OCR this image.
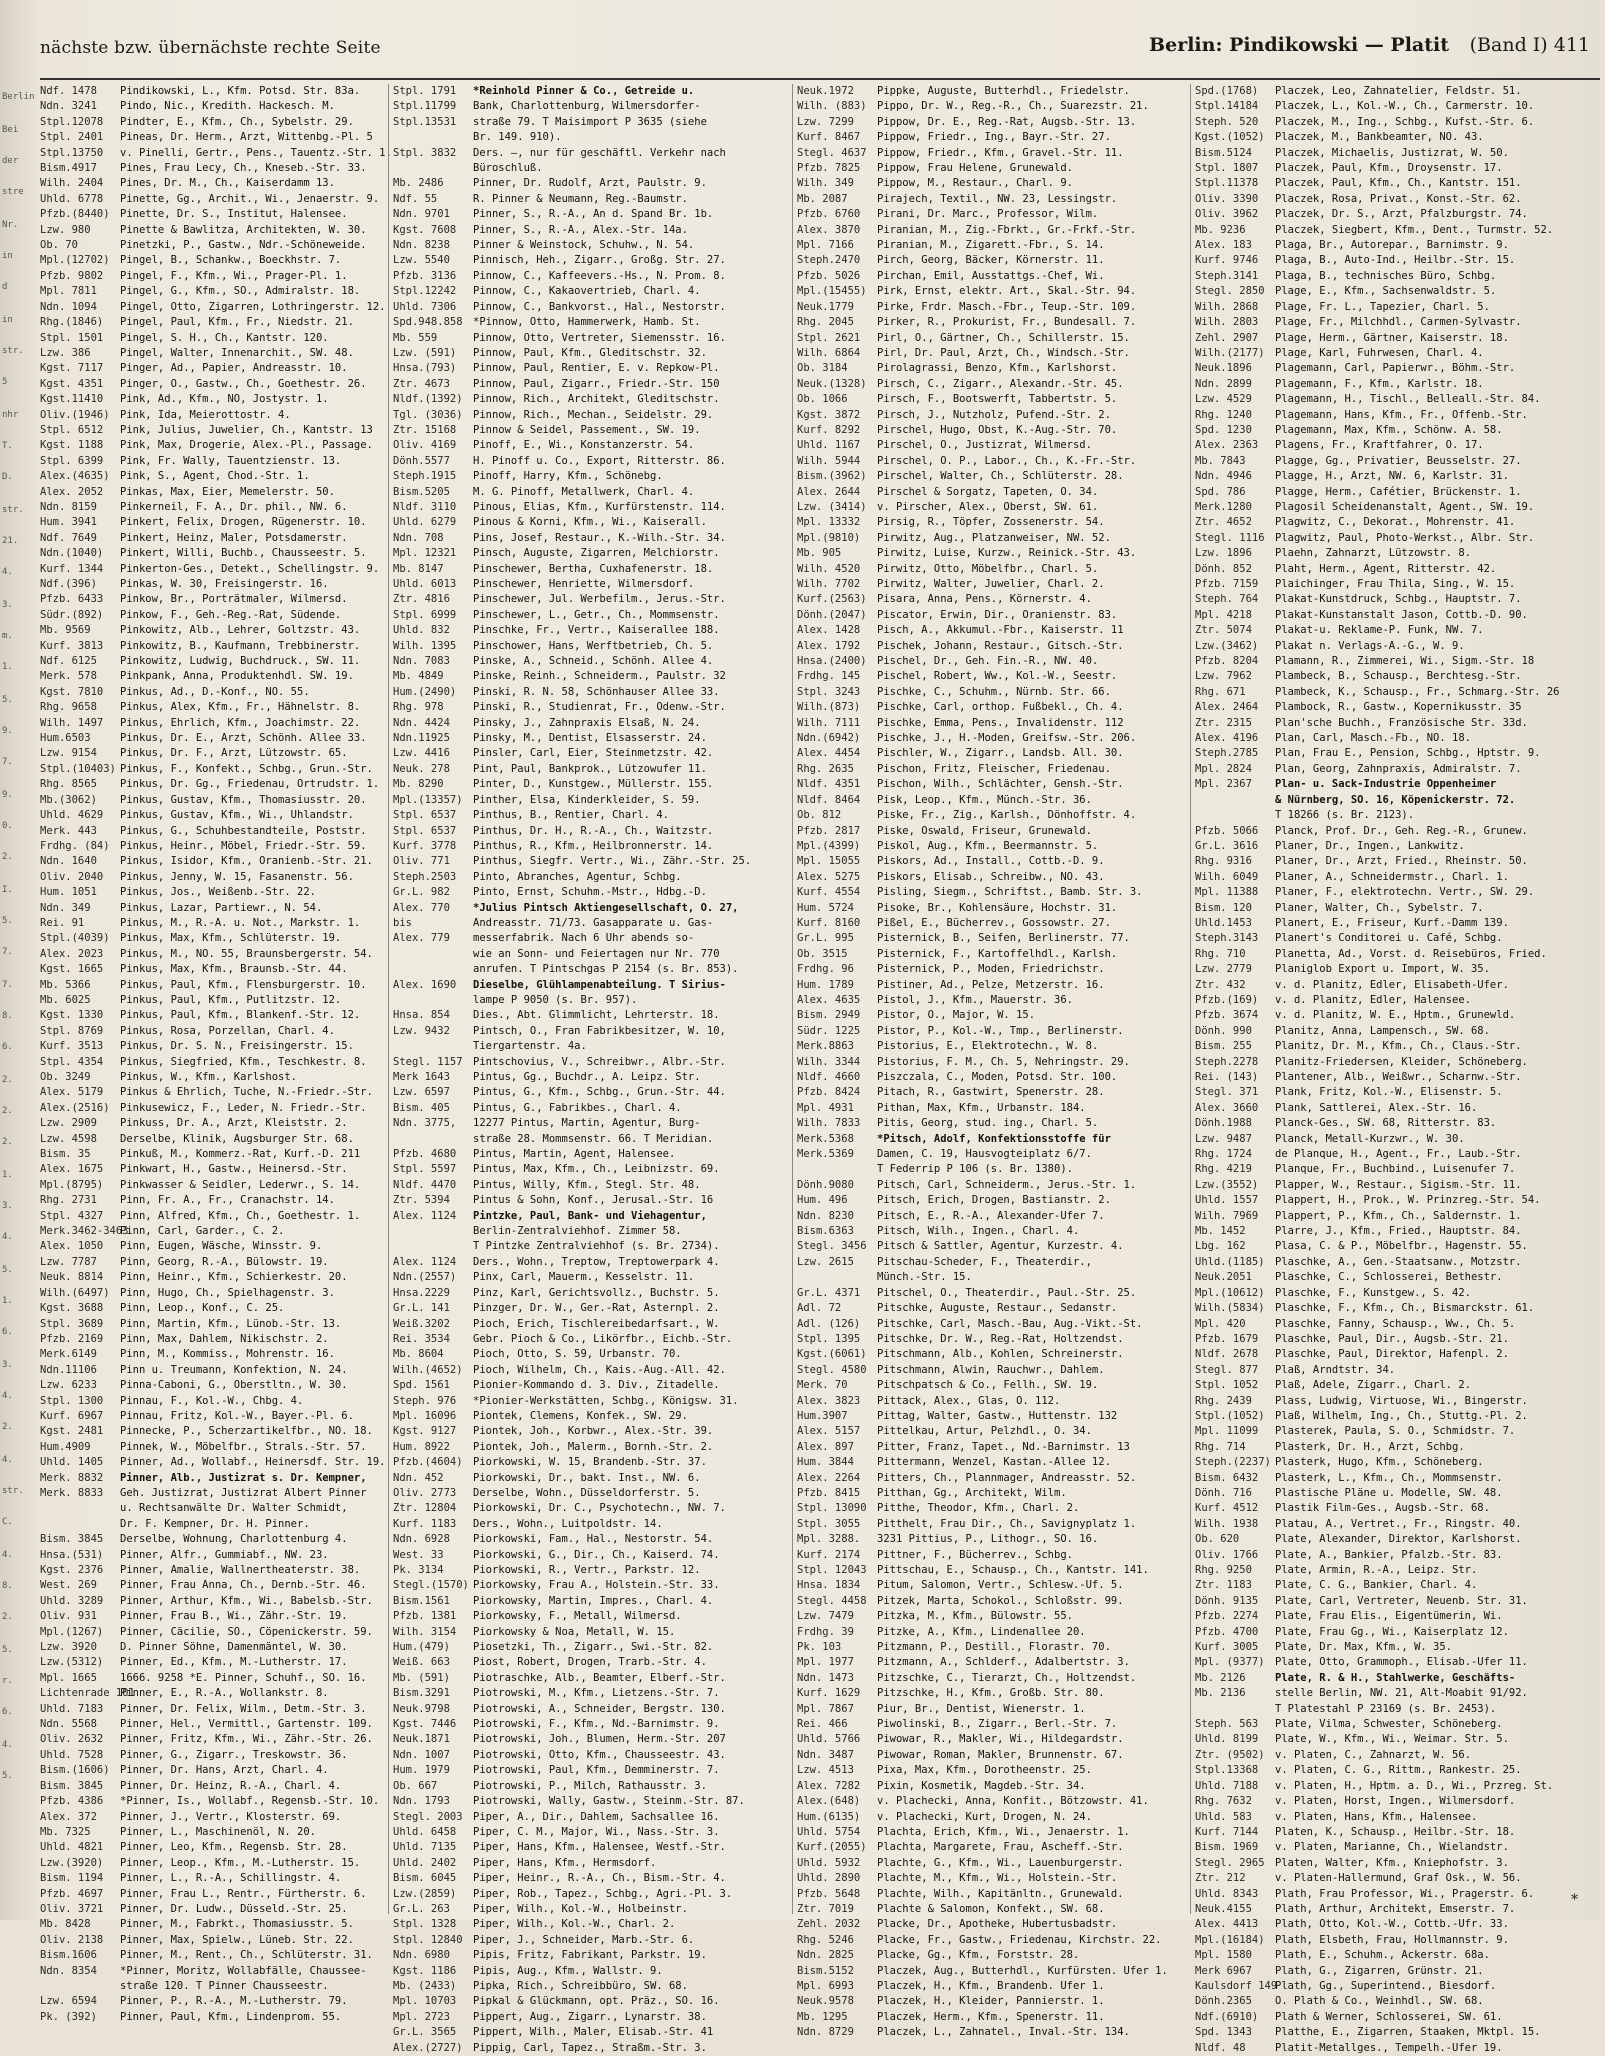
nächste bzw. übernächste rechte Seite	Berlin: Pindikowski — Platit (Band I) 411
Berlin
Bei
der
stre
Nr.
in
d
in
str.
5
nhr
T.
D.
str.
21.
4.
3.
m.
1.
5.
9.
7.
9.
0.
2.
I.
5.
7.
7.
8.
6.
2.
2.
2.
1.
3.
4.
5.
1.
6.
3.
4.
2.
4.
str.
C.
4.
8.
2.
5.
r.
6.
4.
5.
Ndf. 1478 Pindikowski, L., Kfm. Potsd. Str. 83a.
Ndn. 3241 Pindo, Nic., Kredith. Hackesch. M.
Stpl.12078 Pindter, E., Kfm., Ch., Sybelstr. 29.
Stpl. 2401 Pineas, Dr. Herm., Arzt, Wittenbg.-Pl. 5
Stpl.13750 v. Pinelli, Gertr., Pens., Tauentz.-Str. 1.
Bism.4917 Pines, Frau Lecy, Ch., Kneseb.-Str. 33.
Wilh. 2404 Pines, Dr. M., Ch., Kaiserdamm 13.
Uhld. 6778 Pinette, Gg., Archit., Wi., Jenaerstr. 9.
Pfzb.(8440) Pinette, Dr. S., Institut, Halensee.
Lzw. 980	Pinette & Bawlitza, Architekten, W. 30.
Ob. 70	Pinetzki, P., Gastw., Ndr.-Schöneweide.
Mpl.(12702) Pingel, B., Schankw., Boeckhstr. 7.
Pfzb. 9802 Pingel, F., Kfm., Wi., Prager-Pl. 1.
Mpl. 7811 Pingel, G., Kfm., SO., Admiralstr. 18.
Ndn. 1094 Pingel, Otto, Zigarren, Lothringerstr. 12.
Rhg.(1846) Pingel, Paul, Kfm., Fr., Niedstr. 21.
Stpl. 1501 Pingel, S. H., Ch., Kantstr. 120.
Lzw. 386	Pingel, Walter, Innenarchit., SW. 48.
Kgst. 7117 Pinger, Ad., Papier, Andreasstr. 10.
Kgst. 4351 Pinger, O., Gastw., Ch., Goethestr. 26.
Kgst.11410 Pink, Ad., Kfm., NO, Jostystr. 1.
Oliv.(1946) Pink, Ida, Meierottostr. 4.
Stpl. 6512 Pink, Julius, Juwelier, Ch., Kantstr. 13
Kgst. 1188 Pink, Max, Drogerie, Alex.-Pl., Passage.
Stpl. 6399 Pink, Fr. Wally, Tauentzienstr. 13.
Alex.(4635) Pink, S., Agent, Chod.-Str. 1.
Alex. 2052 Pinkas, Max, Eier, Memelerstr. 50.
Ndn. 8159 Pinkerneil, F. A., Dr. phil., NW. 6.
Hum. 3941 Pinkert, Felix, Drogen, Rügenerstr. 10.
Ndf. 7649 Pinkert, Heinz, Maler, Potsdamerstr.
Ndn.(1040) Pinkert, Willi, Buchb., Chausseestr. 5.
Kurf. 1344 Pinkerton-Ges., Detekt., Schellingstr. 9.
Ndf.(396) Pinkas, W. 30, Freisingerstr. 16.
Pfzb. 6433 Pinkow, Br., Porträtmaler, Wilmersd.
Südr.(892) Pinkow, F., Geh.-Reg.-Rat, Südende.
Mb. 9569	Pinkowitz, Alb., Lehrer, Goltzstr. 43.
Kurf. 3813 Pinkowitz, B., Kaufmann, Trebbinerstr.
Ndf. 6125 Pinkowitz, Ludwig, Buchdruck., SW. 11.
Merk. 578 Pinkpank, Anna, Produktenhdl. SW. 19.
Kgst. 7810 Pinkus, Ad., D.-Konf., NO. 55.
Rhg. 9658 Pinkus, Alex, Kfm., Fr., Hähnelstr. 8.
Wilh. 1497 Pinkus, Ehrlich, Kfm., Joachimstr. 22.
Hum.6503	Pinkus, Dr. E., Arzt, Schönh. Allee 33.
Lzw. 9154 Pinkus, Dr. F., Arzt, Lützowstr. 65.
Stpl.(10403) Pinkus, F., Konfekt., Schbg., Grun.-Str.
Rhg. 8565 Pinkus, Dr. Gg., Friedenau, Ortrudstr. 1.
Mb.(3062) Pinkus, Gustav, Kfm., Thomasiusstr. 20.
Uhld. 4629 Pinkus, Gustav, Kfm., Wi., Uhlandstr.
Merk. 443 Pinkus, G., Schuhbestandteile, Poststr.
Frdhg. (84) Pinkus, Heinr., Möbel, Friedr.-Str. 59.
Ndn. 1640 Pinkus, Isidor, Kfm., Oranienb.-Str. 21.
Oliv. 2040 Pinkus, Jenny, W. 15, Fasanenstr. 56.
Hum. 1051 Pinkus, Jos., Weißenb.-Str. 22.
Ndn. 349	Pinkus, Lazar, Partiewr., N. 54.
Rei. 91	Pinkus, M., R.-A. u. Not., Markstr. 1.
Stpl.(4039) Pinkus, Max, Kfm., Schlüterstr. 19.
Alex. 2023 Pinkus, M., NO. 55, Braunsbergerstr. 54.
Kgst. 1665 Pinkus, Max, Kfm., Braunsb.-Str. 44.
Mb. 5366	Pinkus, Paul, Kfm., Flensburgerstr. 10.
Mb. 6025	Pinkus, Paul, Kfm., Putlitzstr. 12.
Kgst. 1330 Pinkus, Paul, Kfm., Blankenf.-Str. 12.
Stpl. 8769 Pinkus, Rosa, Porzellan, Charl. 4.
Kurf. 3513 Pinkus, Dr. S. N., Freisingerstr. 15.
Stpl. 4354 Pinkus, Siegfried, Kfm., Teschkestr. 8.
Ob. 3249	Pinkus, W., Kfm., Karlshost.
Alex. 5179 Pinkus & Ehrlich, Tuche, N.-Friedr.-Str.
Alex.(2516) Pinkusewicz, F., Leder, N. Friedr.-Str.
Lzw. 2909 Pinkuss, Dr. A., Arzt, Kleiststr. 2.
Lzw. 4598 Derselbe, Klinik, Augsburger Str. 68.
Bism. 35	Pinkuß, M., Kommerz.-Rat, Kurf.-D. 211
Alex. 1675 Pinkwart, H., Gastw., Heinersd.-Str.
Mpl.(8795) Pinkwasser & Seidler, Lederwr., S. 14.
Rhg. 2731 Pinn, Fr. A., Fr., Cranachstr. 14.
Stpl. 4327 Pinn, Alfred, Kfm., Ch., Goethestr. 1.
Merk.3462-3463Pinn, Carl, Garder., C. 2.
Alex. 1050 Pinn, Eugen, Wäsche, Winsstr. 9.
Lzw. 7787 Pinn, Georg, R.-A., Bülowstr. 19.
Neuk. 8814 Pinn, Heinr., Kfm., Schierkestr. 20.
Wilh.(6497) Pinn, Hugo, Ch., Spielhagenstr. 3.
Kgst. 3688 Pinn, Leop., Konf., C. 25.
Stpl. 3689 Pinn, Martin, Kfm., Lünob.-Str. 13.
Pfzb. 2169 Pinn, Max, Dahlem, Nikischstr. 2.
Merk.6149 Pinn, M., Kommiss., Mohrenstr. 16.
Ndn.11106 Pinn u. Treumann, Konfektion, N. 24.
Lzw. 6233 Pinna-Caboni, G., Oberstltn., W. 30.
Stpl. 1300 Pinnau, F., Kol.-W., Chbg. 4.
Kurf. 6967 Pinnau, Fritz, Kol.-W., Bayer.-Pl. 6.
Kgst. 2481 Pinnecke, P., Scherzartikelfbr., NO. 18.
Hum.4909	Pinnek, W., Möbelfbr., Strals.-Str. 57.
Uhld. 1405 Pinner, Ad., Wollabf., Heinersdf. Str. 19.
Merk. 8832 Pinner, Alb., Justizrat s. Dr. Kempner,
Merk. 8833 Geh. Justizrat, Justizrat Albert Pinner
u. Rechtsanwälte Dr. Walter Schmidt,
Dr. F. Kempner, Dr. H. Pinner.
Bism. 3845 Derselbe, Wohnung, Charlottenburg 4.
Hnsa.(531) Pinner, Alfr., Gummiabf., NW. 23.
Kgst. 2376 Pinner, Amalie, Wallnertheaterstr. 38.
West. 269 Pinner, Frau Anna, Ch., Dernb.-Str. 46.
Uhld. 3289 Pinner, Arthur, Kfm., Wi., Babelsb.-Str.
Oliv. 931 Pinner, Frau B., Wi., Zähr.-Str. 19.
Mpl.(1267) Pinner, Cäcilie, SO., Cöpenickerstr. 59.
Lzw. 3920 D. Pinner Söhne, Damenmäntel, W. 30.
Lzw.(5312) Pinner, Ed., Kfm., M.-Lutherstr. 17.
Mpl. 1665 1666. 9258 *E. Pinner, Schuhf., SO. 16.
Lichtenrade 101Pinner, E., R.-A., Wollankstr. 8.
Uhld. 7183 Pinner, Dr. Felix, Wilm., Detm.-Str. 3.
Ndn. 5568 Pinner, Hel., Vermittl., Gartenstr. 109.
Oliv. 2632 Pinner, Fritz, Kfm., Wi., Zähr.-Str. 26.
Uhld. 7528 Pinner, G., Zigarr., Treskowstr. 36.
Bism.(1606) Pinner, Dr. Hans, Arzt, Charl. 4.
Bism. 3845 Pinner, Dr. Heinz, R.-A., Charl. 4.
Pfzb. 4386 *Pinner, Is., Wollabf., Regensb.-Str. 10.
Alex. 372 Pinner, J., Vertr., Klosterstr. 69.
Mb. 7325	Pinner, L., Maschinenöl, N. 20.
Uhld. 4821 Pinner, Leo, Kfm., Regensb. Str. 28.
Lzw.(3920) Pinner, Leop., Kfm., M.-Lutherstr. 15.
Bism. 1194 Pinner, L., R.-A., Schillingstr. 4.
Pfzb. 4697 Pinner, Frau L., Rentr., Fürtherstr. 6.
Oliv. 3721 Pinner, Dr. Ludw., Düsseld.-Str. 25.
Mb. 8428	Pinner, M., Fabrkt., Thomasiusstr. 5.
Oliv. 2138 Pinner, Max, Spielw., Lüneb. Str. 22.
Bism.1606 Pinner, M., Rent., Ch., Schlüterstr. 31.
Ndn. 8354 *Pinner, Moritz, Wollabfälle, Chaussee-
straße 120. T Pinner Chausseestr.
Lzw. 6594 Pinner, P., R.-A., M.-Lutherstr. 79.
Pk. (392) Pinner, Paul, Kfm., Lindenprom. 55.
Stpl. 1791 *Reinhold Pinner & Co., Getreide u.
Stpl.11799 Bank, Charlottenburg, Wilmersdorfer-
Stpl.13531 straße 79. T Maisimport P 3635 (siehe
Br. 149. 910).
Stpl. 3832 Ders. —, nur für geschäftl. Verkehr nach
Büroschluß.
Mb. 2486	Pinner, Dr. Rudolf, Arzt, Paulstr. 9.
Ndf. 55	R. Pinner & Neumann, Reg.-Baumstr.
Ndn. 9701 Pinner, S., R.-A., An d. Spand Br. 1b.
Kgst. 7608 Pinner, S., R.-A., Alex.-Str. 14a.
Ndn. 8238 Pinner & Weinstock, Schuhw., N. 54.
Lzw. 5540 Pinnisch, Heh., Zigarr., Großg. Str. 27.
Pfzb. 3136 Pinnow, C., Kaffeevers.-Hs., N. Prom. 8.
Stpl.12242 Pinnow, C., Kakaovertrieb, Charl. 4.
Uhld. 7306 Pinnow, C., Bankvorst., Hal., Nestorstr.
Spd.948.858 *Pinnow, Otto, Hammerwerk, Hamb. St.
Mb. 559	Pinnow, Otto, Vertreter, Siemensstr. 16.
Lzw. (591) Pinnow, Paul, Kfm., Gleditschstr. 32.
Hnsa.(793) Pinnow, Paul, Rentier, E. v. Repkow-Pl.
Ztr. 4673 Pinnow, Paul, Zigarr., Friedr.-Str. 150
Nldf.(1392) Pinnow, Rich., Architekt, Gleditschstr.
Tgl. (3036) Pinnow, Rich., Mechan., Seidelstr. 29.
Ztr. 15168 Pinnow & Seidel, Passement., SW. 19.
Oliv. 4169 Pinoff, E., Wi., Konstanzerstr. 54.
Dönh.5577 H. Pinoff u. Co., Export, Ritterstr. 86.
Steph.1915 Pinoff, Harry, Kfm., Schönebg.
Bism.5205 M. G. Pinoff, Metallwerk, Charl. 4.
Nldf. 3110 Pinous, Elias, Kfm., Kurfürstenstr. 114.
Uhld. 6279 Pinous & Korni, Kfm., Wi., Kaiserall.
Ndn. 708	Pins, Josef, Restaur., K.-Wilh.-Str. 34.
Mpl. 12321 Pinsch, Auguste, Zigarren, Melchiorstr.
Mb. 8147	Pinschewer, Bertha, Cuxhafenerstr. 18.
Uhld. 6013 Pinschewer, Henriette, Wilmersdorf.
Ztr. 4816 Pinschewer, Jul. Werbefilm., Jerus.-Str.
Stpl. 6999 Pinschewer, L., Getr., Ch., Mommsenstr.
Uhld. 832 Pinschke, Fr., Vertr., Kaiserallee 188.
Wilh. 1395 Pinschower, Hans, Werftbetrieb, Ch. 5.
Ndn. 7083 Pinske, A., Schneid., Schönh. Allee 4.
Mb. 4849	Pinske, Reinh., Schneiderm., Paulstr. 32
Hum.(2490) Pinski, R. N. 58, Schönhauser Allee 33.
Rhg. 978	Pinski, R., Studienrat, Fr., Odenw.-Str.
Ndn. 4424 Pinsky, J., Zahnpraxis Elsaß, N. 24.
Ndn.11925 Pinsky, M., Dentist, Elsasserstr. 24.
Lzw. 4416 Pinsler, Carl, Eier, Steinmetzstr. 42.
Neuk. 278 Pint, Paul, Bankprok., Lützowufer 11.
Mb. 8290	Pinter, D., Kunstgew., Müllerstr. 155.
Mpl.(13357) Pinther, Elsa, Kinderkleider, S. 59.
Stpl. 6537 Pinthus, B., Rentier, Charl. 4.
Stpl. 6537 Pinthus, Dr. H., R.-A., Ch., Waitzstr.
Kurf. 3778 Pinthus, R., Kfm., Heilbronnerstr. 14.
Oliv. 771 Pinthus, Siegfr. Vertr., Wi., Zähr.-Str. 25.
Steph.2503 Pinto, Abranches, Agentur, Schbg.
Gr.L. 982 Pinto, Ernst, Schuhm.-Mstr., Hdbg.-D.
Alex. 770 *Julius Pintsch Aktiengesellschaft, O. 27,
bis	Andreasstr. 71/73. Gasapparate u. Gas-
Alex. 779 messerfabrik. Nach 6 Uhr abends so-
wie an Sonn- und Feiertagen nur Nr. 770
anrufen. T Pintschgas P 2154 (s. Br. 853).
Alex. 1690 Dieselbe, Glühlampenabteilung. T Sirius-
lampe P 9050 (s. Br. 957).
Hnsa. 854 Dies., Abt. Glimmlicht, Lehrterstr. 18.
Lzw. 9432 Pintsch, O., Fran Fabrikbesitzer, W. 10,
Tiergartenstr. 4a.
Stegl. 1157 Pintschovius, V., Schreibwr., Albr.-Str.
Merk 1643 Pintus, Gg., Buchdr., A. Leipz. Str.
Lzw. 6597 Pintus, G., Kfm., Schbg., Grun.-Str. 44.
Bism. 405 Pintus, G., Fabrikbes., Charl. 4.
Ndn. 3775, 12277 Pintus, Martin, Agentur, Burg-
straße 28. Mommsenstr. 66. T Meridian.
Pfzb. 4680 Pintus, Martin, Agent, Halensee.
Stpl. 5597 Pintus, Max, Kfm., Ch., Leibnizstr. 69.
Nldf. 4470 Pintus, Willy, Kfm., Stegl. Str. 48.
Ztr. 5394 Pintus & Sohn, Konf., Jerusal.-Str. 16
Alex. 1124 Pintzke, Paul, Bank- und Viehagentur,
Berlin-Zentralviehhof. Zimmer 58.
T Pintzke Zentralviehhof (s. Br. 2734).
Alex. 1124 Ders., Wohn., Treptow, Treptowerpark 4.
Ndn.(2557) Pinx, Carl, Mauerm., Kesselstr. 11.
Hnsa.2229 Pinz, Karl, Gerichtsvollz., Buchstr. 5.
Gr.L. 141 Pinzger, Dr. W., Ger.-Rat, Asternpl. 2.
Weiß.3202 Pioch, Erich, Tischlereibedarfsart., W.
Rei. 3534 Gebr. Pioch & Co., Likörfbr., Eichb.-Str.
Mb. 8604	Pioch, Otto, S. 59, Urbanstr. 70.
Wilh.(4652) Pioch, Wilhelm, Ch., Kais.-Aug.-All. 42.
Spd. 1561 Pionier-Kommando d. 3. Div., Zitadelle.
Steph. 976 *Pionier-Werkstätten, Schbg., Königsw. 31.
Mpl. 16096 Piontek, Clemens, Konfek., SW. 29.
Kgst. 9127 Piontek, Joh., Korbwr., Alex.-Str. 39.
Hum. 8922 Piontek, Joh., Malerm., Bornh.-Str. 2.
Pfzb.(4604) Piorkowski, W. 15, Brandenb.-Str. 37.
Ndn. 452	Piorkowski, Dr., bakt. Inst., NW. 6.
Oliv. 2773 Derselbe, Wohn., Düsseldorferstr. 5.
Ztr. 12804 Piorkowski, Dr. C., Psychotechn., NW. 7.
Kurf. 1183 Ders., Wohn., Luitpoldstr. 14.
Ndn. 6928 Piorkowski, Fam., Hal., Nestorstr. 54.
West. 33	Piorkowski, G., Dir., Ch., Kaiserd. 74.
Pk. 3134	Piorkowski, R., Vertr., Parkstr. 12.
Stegl.(1570) Piorkowsky, Frau A., Holstein.-Str. 33.
Bism.1561 Piorkowsky, Martin, Impres., Charl. 4.
Pfzb. 1381 Piorkowsky, F., Metall, Wilmersd.
Wilh. 3154 Piorkowsky & Noa, Metall, W. 15.
Hum.(479) Piosetzki, Th., Zigarr., Swi.-Str. 82.
Weiß. 663 Piost, Robert, Drogen, Trarb.-Str. 4.
Mb. (591) Piotraschke, Alb., Beamter, Elberf.-Str.
Bism.3291 Piotrowski, M., Kfm., Lietzens.-Str. 7.
Neuk.9798 Piotrowski, A., Schneider, Bergstr. 130.
Kgst. 7446 Piotrowski, F., Kfm., Nd.-Barnimstr. 9.
Neuk.1871 Piotrowski, Joh., Blumen, Herm.-Str. 207
Ndn. 1007 Piotrowski, Otto, Kfm., Chausseestr. 43.
Hum. 1979 Piotrowski, Paul, Kfm., Demminerstr. 7.
Ob. 667	Piotrowski, P., Milch, Rathausstr. 3.
Ndn. 1793 Piotrowski, Wally, Gastw., Steinm.-Str. 87.
Stegl. 2003 Piper, A., Dir., Dahlem, Sachsallee 16.
Uhld. 6458 Piper, C. M., Major, Wi., Nass.-Str. 3.
Uhld. 7135 Piper, Hans, Kfm., Halensee, Westf.-Str.
Uhld. 2402 Piper, Hans, Kfm., Hermsdorf.
Bism. 6045 Piper, Heinr., R.-A., Ch., Bism.-Str. 4.
Lzw.(2859) Piper, Rob., Tapez., Schbg., Agri.-Pl. 3.
Gr.L. 263 Piper, Wilh., Kol.-W., Holbeinstr.
Stpl. 1328 Piper, Wilh., Kol.-W., Charl. 2.
Stpl. 12840 Piper, J., Schneider, Marb.-Str. 6.
Ndn. 6980 Pipis, Fritz, Fabrikant, Parkstr. 19.
Kgst. 1186 Pipis, Aug., Kfm., Wallstr. 9.
Mb. (2433) Pipka, Rich., Schreibbüro, SW. 68.
Mpl. 10703 Pipkal & Glückmann, opt. Präz., SO. 16.
Mpl. 2723 Pippert, Aug., Zigarr., Lynarstr. 38.
Gr.L. 3565 Pippert, Wilh., Maler, Elisab.-Str. 41
Alex.(2727) Pippig, Carl, Tapez., Straßm.-Str. 3.
Neuk.1972 Pippke, Auguste, Butterhdl., Friedelstr.
Wilh. (883) Pippo, Dr. W., Reg.-R., Ch., Suarezstr. 21.
Lzw. 7299 Pippow, Dr. E., Reg.-Rat, Augsb.-Str. 13.
Kurf. 8467 Pippow, Friedr., Ing., Bayr.-Str. 27.
Stegl. 4637 Pippow, Friedr., Kfm., Gravel.-Str. 11.
Pfzb. 7825 Pippow, Frau Helene, Grunewald.
Wilh. 349 Pippow, M., Restaur., Charl. 9.
Mb. 2087	Pirajech, Textil., NW. 23, Lessingstr.
Pfzb. 6760 Pirani, Dr. Marc., Professor, Wilm.
Alex. 3870 Piranian, M., Zig.-Fbrkt., Gr.-Frkf.-Str.
Mpl. 7166 Piranian, M., Zigarett.-Fbr., S. 14.
Steph.2470 Pirch, Georg, Bäcker, Körnerstr. 11.
Pfzb. 5026 Pirchan, Emil, Ausstattgs.-Chef, Wi.
Mpl.(15455) Pirk, Ernst, elektr. Art., Skal.-Str. 94.
Neuk.1779 Pirke, Frdr. Masch.-Fbr., Teup.-Str. 109.
Rhg. 2045 Pirker, R., Prokurist, Fr., Bundesall. 7.
Stpl. 2621 Pirl, O., Gärtner, Ch., Schillerstr. 15.
Wilh. 6864 Pirl, Dr. Paul, Arzt, Ch., Windsch.-Str.
Ob. 3184	Pirolagrassi, Benzo, Kfm., Karlshorst.
Neuk.(1328) Pirsch, C., Zigarr., Alexandr.-Str. 45.
Ob. 1066	Pirsch, F., Bootswerft, Tabbertstr. 5.
Kgst. 3872 Pirsch, J., Nutzholz, Pufend.-Str. 2.
Kurf. 8292 Pirschel, Hugo, Obst, K.-Aug.-Str. 70.
Uhld. 1167 Pirschel, O., Justizrat, Wilmersd.
Wilh. 5944 Pirschel, O. P., Labor., Ch., K.-Fr.-Str.
Bism.(3962) Pirschel, Walter, Ch., Schlüterstr. 28.
Alex. 2644 Pirschel & Sorgatz, Tapeten, O. 34.
Lzw. (3414) v. Pirscher, Alex., Oberst, SW. 61.
Mpl. 13332 Pirsig, R., Töpfer, Zossenerstr. 54.
Mpl.(9810) Pirwitz, Aug., Platzanweiser, NW. 52.
Mb. 905	Pirwitz, Luise, Kurzw., Reinick.-Str. 43.
Wilh. 4520 Pirwitz, Otto, Möbelfbr., Charl. 5.
Wilh. 7702 Pirwitz, Walter, Juwelier, Charl. 2.
Kurf.(2563) Pisara, Anna, Pens., Körnerstr. 4.
Dönh.(2047) Piscator, Erwin, Dir., Oranienstr. 83.
Alex. 1428 Pisch, A., Akkumul.-Fbr., Kaiserstr. 11
Alex. 1792 Pischek, Johann, Restaur., Gitsch.-Str.
Hnsa.(2400) Pischel, Dr., Geh. Fin.-R., NW. 40.
Frdhg. 145 Pischel, Robert, Ww., Kol.-W., Seestr.
Stpl. 3243 Pischke, C., Schuhm., Nürnb. Str. 66.
Wilh.(873) Pischke, Carl, orthop. Fußbekl., Ch. 4.
Wilh. 7111 Pischke, Emma, Pens., Invalidenstr. 112
Ndn.(6942) Pischke, J., H.-Moden, Greifsw.-Str. 206.
Alex. 4454 Pischler, W., Zigarr., Landsb. All. 30.
Rhg. 2635 Pischon, Fritz, Fleischer, Friedenau.
Nldf. 4351 Pischon, Wilh., Schlächter, Gensh.-Str.
Nldf. 8464 Pisk, Leop., Kfm., Münch.-Str. 36.
Ob. 812	Piske, Fr., Zig., Karlsh., Dönhoffstr. 4.
Pfzb. 2817 Piske, Oswald, Friseur, Grunewald.
Mpl.(4399) Piskol, Aug., Kfm., Beermannstr. 5.
Mpl. 15055 Piskors, Ad., Install., Cottb.-D. 9.
Alex. 5275 Piskors, Elisab., Schreibw., NO. 43.
Kurf. 4554 Pisling, Siegm., Schriftst., Bamb. Str. 3.
Hum. 5724 Pisoke, Br., Kohlensäure, Hochstr. 31.
Kurf. 8160 Pißel, E., Bücherrev., Gossowstr. 27.
Gr.L. 995 Pisternick, B., Seifen, Berlinerstr. 77.
Ob. 3515	Pisternick, F., Kartoffelhdl., Karlsh.
Frdhg. 96 Pisternick, P., Moden, Friedrichstr.
Hum. 1789 Pistiner, Ad., Pelze, Metzerstr. 16.
Alex. 4635 Pistol, J., Kfm., Mauerstr. 36.
Bism. 2949 Pistor, O., Major, W. 15.
Südr. 1225 Pistor, P., Kol.-W., Tmp., Berlinerstr.
Merk.8863 Pistorius, E., Elektrotechn., W. 8.
Wilh. 3344 Pistorius, F. M., Ch. 5, Nehringstr. 29.
Nldf. 4660 Piszczala, C., Moden, Potsd. Str. 100.
Pfzb. 8424 Pitach, R., Gastwirt, Spenerstr. 28.
Mpl. 4931 Pithan, Max, Kfm., Urbanstr. 184.
Wilh. 7833 Pitis, Georg, stud. ing., Charl. 5.
Merk.5368 *Pitsch, Adolf, Konfektionsstoffe für
Merk.5369 Damen, C. 19, Hausvogteiplatz 6/7.
T Federrip P 106 (s. Br. 1380).
Dönh.9080 Pitsch, Carl, Schneiderm., Jerus.-Str. 1.
Hum. 496	Pitsch, Erich, Drogen, Bastianstr. 2.
Ndn. 8230 Pitsch, E., R.-A., Alexander-Ufer 7.
Bism.6363 Pitsch, Wilh., Ingen., Charl. 4.
Stegl. 3456 Pitsch & Sattler, Agentur, Kurzestr. 4.
Lzw. 2615 Pitschau-Scheder, F., Theaterdir.,
Münch.-Str. 15.
Gr.L. 4371 Pitschel, O., Theaterdir., Paul.-Str. 25.
Adl. 72	Pitschke, Auguste, Restaur., Sedanstr.
Adl. (126) Pitschke, Carl, Masch.-Bau, Aug.-Vikt.-St.
Stpl. 1395 Pitschke, Dr. W., Reg.-Rat, Holtzendst.
Kgst.(6061) Pitschmann, Alb., Kohlen, Schreinerstr.
Stegl. 4580 Pitschmann, Alwin, Rauchwr., Dahlem.
Merk. 70	Pitschpatsch & Co., Fellh., SW. 19.
Alex. 3823 Pittack, Alex., Glas, O. 112.
Hum.3907	Pittag, Walter, Gastw., Huttenstr. 132
Alex. 5157 Pittelkau, Artur, Pelzhdl., O. 34.
Alex. 897 Pitter, Franz, Tapet., Nd.-Barnimstr. 13
Hum. 3844 Pittermann, Wenzel, Kastan.-Allee 12.
Alex. 2264 Pitters, Ch., Plannmager, Andreasstr. 52.
Pfzb. 8415 Pitthan, Gg., Architekt, Wilm.
Stpl. 13090 Pitthe, Theodor, Kfm., Charl. 2.
Stpl. 3055 Pitthelt, Frau Dir., Ch., Savignyplatz 1.
Mpl. 3288. 3231 Pittius, P., Lithogr., SO. 16.
Kurf. 2174 Pittner, F., Bücherrev., Schbg.
Stpl. 12043 Pittschau, E., Schausp., Ch., Kantstr. 141.
Hnsa. 1834 Pitum, Salomon, Vertr., Schlesw.-Uf. 5.
Stegl. 4458 Pitzek, Marta, Schokol., Schloßstr. 99.
Lzw. 7479 Pitzka, M., Kfm., Bülowstr. 55.
Frdhg. 39 Pitzke, A., Kfm., Lindenallee 20.
Pk. 103	Pitzmann, P., Destill., Florastr. 70.
Mpl. 1977 Pitzmann, A., Schlderf., Adalbertstr. 3.
Ndn. 1473 Pitzschke, C., Tierarzt, Ch., Holtzendst.
Kurf. 1629 Pitzschke, H., Kfm., Großb. Str. 80.
Mpl. 7867 Piur, Br., Dentist, Wienerstr. 1.
Rei. 466	Piwolinski, B., Zigarr., Berl.-Str. 7.
Uhld. 5766 Piwowar, R., Makler, Wi., Hildegardstr.
Ndn. 3487 Piwowar, Roman, Makler, Brunnenstr. 67.
Lzw. 4513 Pixa, Max, Kfm., Dorotheenstr. 25.
Alex. 7282 Pixin, Kosmetik, Magdeb.-Str. 34.
Alex.(648) v. Plachecki, Anna, Konfit., Bötzowstr. 41.
Hum.(6135) v. Plachecki, Kurt, Drogen, N. 24.
Uhld. 5754 Plachta, Erich, Kfm., Wi., Jenaerstr. 1.
Kurf.(2055) Plachta, Margarete, Frau, Ascheff.-Str.
Uhld. 5932 Plachte, G., Kfm., Wi., Lauenburgerstr.
Uhld. 2890 Plachte, M., Kfm., Wi., Holstein.-Str.
Pfzb. 5648 Plachte, Wilh., Kapitänltn., Grunewald.
Ztr. 7019 Plachte & Salomon, Konfekt., SW. 68.
Zehl. 2032 Placke, Dr., Apotheke, Hubertusbadstr.
Rhg. 5246 Placke, Fr., Gastw., Friedenau, Kirchstr. 22.
Ndn. 2825 Placke, Gg., Kfm., Forststr. 28.
Bism.5152 Placzek, Aug., Butterhdl., Kurfürsten. Ufer 1.
Mpl. 6993 Placzek, H., Kfm., Brandenb. Ufer 1.
Neuk.9578 Placzek, H., Kleider, Pannierstr. 1.
Mb. 1295	Placzek, Herm., Kfm., Spenerstr. 11.
Ndn. 8729 Placzek, L., Zahnatel., Inval.-Str. 134.
Spd.(1768) Placzek, Leo, Zahnatelier, Feldstr. 51.
Stpl.14184 Placzek, L., Kol.-W., Ch., Carmerstr. 10.
Steph. 520 Placzek, M., Ing., Schbg., Kufst.-Str. 6.
Kgst.(1052) Placzek, M., Bankbeamter, NO. 43.
Bism.5124 Placzek, Michaelis, Justizrat, W. 50.
Stpl. 1807 Placzek, Paul, Kfm., Droysenstr. 17.
Stpl.11378 Placzek, Paul, Kfm., Ch., Kantstr. 151.
Oliv. 3390 Placzek, Rosa, Privat., Konst.-Str. 62.
Oliv. 3962 Placzek, Dr. S., Arzt, Pfalzburgstr. 74.
Mb. 9236	Placzek, Siegbert, Kfm., Dent., Turmstr. 52.
Alex. 183 Plaga, Br., Autorepar., Barnimstr. 9.
Kurf. 9746 Plaga, B., Auto-Ind., Heilbr.-Str. 15.
Steph.3141 Plaga, B., technisches Büro, Schbg.
Stegl. 2850 Plage, E., Kfm., Sachsenwaldstr. 5.
Wilh. 2868 Plage, Fr. L., Tapezier, Charl. 5.
Wilh. 2803 Plage, Fr., Milchhdl., Carmen-Sylvastr.
Zehl. 2907 Plage, Herm., Gärtner, Kaiserstr. 18.
Wilh.(2177) Plage, Karl, Fuhrwesen, Charl. 4.
Neuk.1896 Plagemann, Carl, Papierwr., Böhm.-Str.
Ndn. 2899 Plagemann, F., Kfm., Karlstr. 18.
Lzw. 4529 Plagemann, H., Tischl., Belleall.-Str. 84.
Rhg. 1240 Plagemann, Hans, Kfm., Fr., Offenb.-Str.
Spd. 1230 Plagemann, Max, Kfm., Schönw. A. 58.
Alex. 2363 Plagens, Fr., Kraftfahrer, O. 17.
Mb. 7843	Plagge, Gg., Privatier, Beusselstr. 27.
Ndn. 4946 Plagge, H., Arzt, NW. 6, Karlstr. 31.
Spd. 786	Plagge, Herm., Cafétier, Brückenstr. 1.
Merk.1280 Plagosil Scheidenanstalt, Agent., SW. 19.
Ztr. 4652 Plagwitz, C., Dekorat., Mohrenstr. 41.
Stegl. 1116 Plagwitz, Paul, Photo-Werkst., Albr. Str.
Lzw. 1896 Plaehn, Zahnarzt, Lützowstr. 8.
Dönh. 852 Plaht, Herm., Agent, Ritterstr. 42.
Pfzb. 7159 Plaichinger, Frau Thila, Sing., W. 15.
Steph. 764 Plakat-Kunstdruck, Schbg., Hauptstr. 7.
Mpl. 4218 Plakat-Kunstanstalt Jason, Cottb.-D. 90.
Ztr. 5074 Plakat-u. Reklame-P. Funk, NW. 7.
Lzw.(3462) Plakat n. Verlags-A.-G., W. 9.
Pfzb. 8204 Plamann, R., Zimmerei, Wi., Sigm.-Str. 18
Lzw. 7962 Plambeck, B., Schausp., Berchtesg.-Str.
Rhg. 671	Plambeck, K., Schausp., Fr., Schmarg.-Str. 26
Alex. 2464 Plambock, R., Gastw., Kopernikusstr. 35
Ztr. 2315 Plan'sche Buchh., Französische Str. 33d.
Alex. 4196 Plan, Carl, Masch.-Fb., NO. 18.
Steph.2785 Plan, Frau E., Pension, Schbg., Hptstr. 9.
Mpl. 2824 Plan, Georg, Zahnpraxis, Admiralstr. 7.
Mpl. 2367 Plan- u. Sack-Industrie Oppenheimer
& Nürnberg, SO. 16, Köpenickerstr. 72.
T 18266 (s. Br. 2123).
Pfzb. 5066 Planck, Prof. Dr., Geh. Reg.-R., Grunew.
Gr.L. 3616 Planer, Dr., Ingen., Lankwitz.
Rhg. 9316 Planer, Dr., Arzt, Fried., Rheinstr. 50.
Wilh. 6049 Planer, A., Schneidermstr., Charl. 1.
Mpl. 11388 Planer, F., elektrotechn. Vertr., SW. 29.
Bism. 120 Planer, Walter, Ch., Sybelstr. 7.
Uhld.1453 Planert, E., Friseur, Kurf.-Damm 139.
Steph.3143 Planert's Conditorei u. Café, Schbg.
Rhg. 710	Planetta, Ad., Vorst. d. Reisebüros, Fried.
Lzw. 2779 Planiglob Export u. Import, W. 35.
Ztr. 432	v. d. Planitz, Edler, Elisabeth-Ufer.
Pfzb.(169) v. d. Planitz, Edler, Halensee.
Pfzb. 3674 v. d. Planitz, W. E., Hptm., Grunewld.
Dönh. 990 Planitz, Anna, Lampensch., SW. 68.
Bism. 255 Planitz, Dr. M., Kfm., Ch., Claus.-Str.
Steph.2278 Planitz-Friedersen, Kleider, Schöneberg.
Rei. (143) Plantener, Alb., Weißwr., Scharnw.-Str.
Stegl. 371 Plank, Fritz, Kol.-W., Elisenstr. 5.
Alex. 3660 Plank, Sattlerei, Alex.-Str. 16.
Dönh.1988 Planck-Ges., SW. 68, Ritterstr. 83.
Lzw. 9487 Planck, Metall-Kurzwr., W. 30.
Rhg. 1724 de Planque, H., Agent., Fr., Laub.-Str.
Rhg. 4219 Planque, Fr., Buchbind., Luisenufer 7.
Lzw.(3552) Plapper, W., Restaur., Sigism.-Str. 11.
Uhld. 1557 Plappert, H., Prok., W. Prinzreg.-Str. 54.
Wilh. 7969 Plappert, P., Kfm., Ch., Saldernstr. 1.
Mb. 1452	Plarre, J., Kfm., Fried., Hauptstr. 84.
Lbg. 162	Plasa, C. & P., Möbelfbr., Hagenstr. 55.
Uhld.(1185) Plaschke, A., Gen.-Staatsanw., Motzstr.
Neuk.2051 Plaschke, C., Schlosserei, Bethestr.
Mpl.(10612) Plaschke, F., Kunstgew., S. 42.
Wilh.(5834) Plaschke, F., Kfm., Ch., Bismarckstr. 61.
Mpl. 420	Plaschke, Fanny, Schausp., Ww., Ch. 5.
Pfzb. 1679 Plaschke, Paul, Dir., Augsb.-Str. 21.
Nldf. 2678 Plaschke, Paul, Direktor, Hafenpl. 2.
Stegl. 877 Plaß, Arndtstr. 34.
Stpl. 1052 Plaß, Adele, Zigarr., Charl. 2.
Rhg. 2439 Plass, Ludwig, Virtuose, Wi., Bingerstr.
Stpl.(1052) Plaß, Wilhelm, Ing., Ch., Stuttg.-Pl. 2.
Mpl. 11099 Plasterek, Paula, S. O., Schmidstr. 7.
Rhg. 714	Plasterk, Dr. H., Arzt, Schbg.
Steph.(2237) Plasterk, Hugo, Kfm., Schöneberg.
Bism. 6432 Plasterk, L., Kfm., Ch., Mommsenstr.
Dönh. 716 Plastische Pläne u. Modelle, SW. 48.
Kurf. 4512 Plastik Film-Ges., Augsb.-Str. 68.
Wilh. 1938 Platau, A., Vertret., Fr., Ringstr. 40.
Ob. 620	Plate, Alexander, Direktor, Karlshorst.
Oliv. 1766 Plate, A., Bankier, Pfalzb.-Str. 83.
Rhg. 9250 Plate, Armin, R.-A., Leipz. Str.
Ztr. 1183 Plate, C. G., Bankier, Charl. 4.
Dönh. 9135 Plate, Carl, Vertreter, Neuenb. Str. 31.
Pfzb. 2274 Plate, Frau Elis., Eigentümerin, Wi.
Pfzb. 4700 Plate, Frau Gg., Wi., Kaiserplatz 12.
Kurf. 3005 Plate, Dr. Max, Kfm., W. 35.
Mpl. (9377) Plate, Otto, Grammoph., Elisab.-Ufer 11.
Mb. 2126	Plate, R. & H., Stahlwerke, Geschäfts-
Mb. 2136	stelle Berlin, NW. 21, Alt-Moabit 91/92.
T Platestahl P 23169 (s. Br. 2453).
Steph. 563 Plate, Vilma, Schwester, Schöneberg.
Uhld. 8199 Plate, W., Kfm., Wi., Weimar. Str. 5.
Ztr. (9502) v. Platen, C., Zahnarzt, W. 56.
Stpl.13368 v. Platen, C. G., Rittm., Rankestr. 25.
Uhld. 7188 v. Platen, H., Hptm. a. D., Wi., Przreg. St.
Rhg. 7632 v. Platen, Horst, Ingen., Wilmersdorf.
Uhld. 583 v. Platen, Hans, Kfm., Halensee.
Kurf. 7144 Platen, K., Schausp., Heilbr.-Str. 18.
Bism. 1969 v. Platen, Marianne, Ch., Wielandstr.
Stegl. 2965 Platen, Walter, Kfm., Kniephofstr. 3.
Ztr. 212	v. Platen-Hallermund, Graf Osk., W. 56.
Uhld. 8343 Plath, Frau Professor, Wi., Pragerstr. 6.
Neuk.4155 Plath, Arthur, Architekt, Emserstr. 7.
Alex. 4413 Plath, Otto, Kol.-W., Cottb.-Ufr. 33.
Mpl.(16184) Plath, Elsbeth, Frau, Hollmannstr. 9.
Mpl. 1580 Plath, E., Schuhm., Ackerstr. 68a.
Merk 6967 Plath, G., Zigarren, Grünstr. 21.
Kaulsdorf 149Plath, Gg., Superintend., Biesdorf.
Dönh.2365 O. Plath & Co., Weinhdl., SW. 68.
Ndf.(6910) Plath & Werner, Schlosserei, SW. 61.
Spd. 1343 Platthe, E., Zigarren, Staaken, Mktpl. 15.
Nldf. 48	Platit-Metallges., Tempelh.-Ufer 19.
*
